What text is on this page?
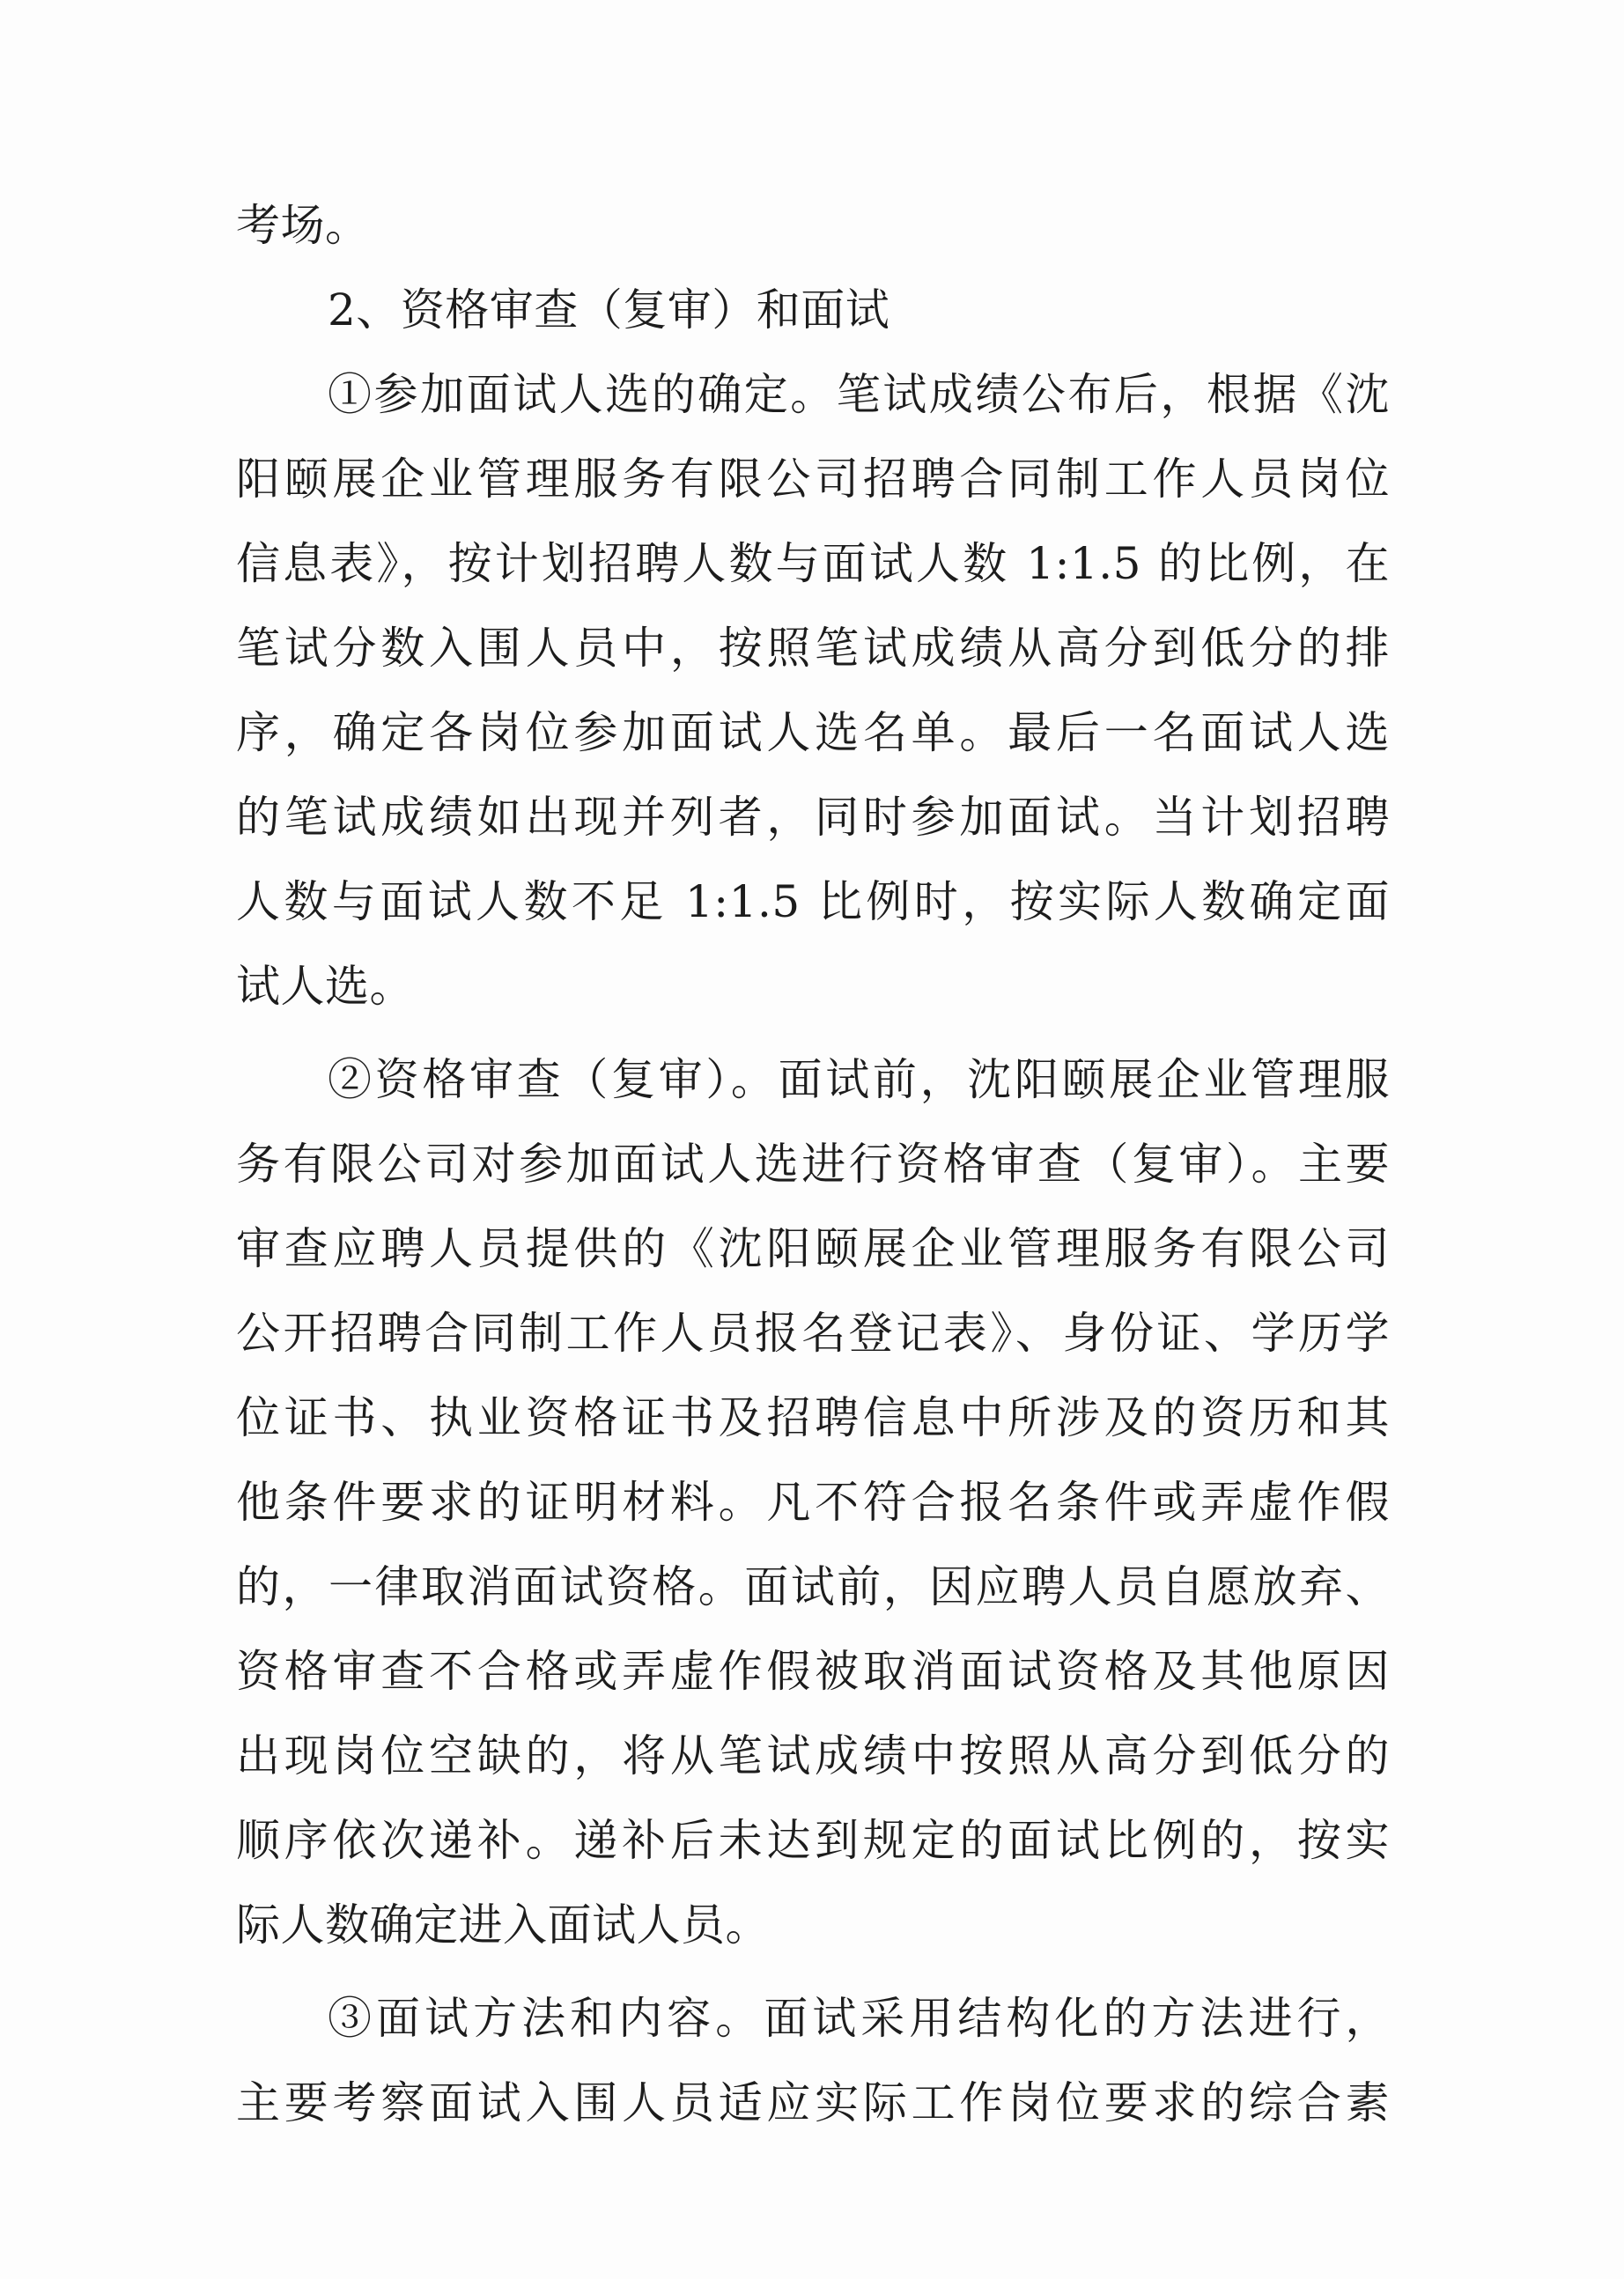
考场。
2、资格审查（复审）和面试
①参加面试人选的确定。笔试成绩公布后，根据《沈
阳颐展企业管理服务有限公司招聘合同制工作人员岗位
信息表》，按计划招聘人数与面试人数 1:1.5 的比例，在
笔试分数入围人员中，按照笔试成绩从高分到低分的排
序，确定各岗位参加面试人选名单。最后一名面试人选
的笔试成绩如出现并列者，同时参加面试。当计划招聘
人数与面试人数不足 1:1.5 比例时，按实际人数确定面
试人选。
②资格审查（复审）。面试前，沈阳颐展企业管理服
务有限公司对参加面试人选进行资格审查（复审）。主要
审查应聘人员提供的《沈阳颐展企业管理服务有限公司
公开招聘合同制工作人员报名登记表》、身份证、学历学
位证书、执业资格证书及招聘信息中所涉及的资历和其
他条件要求的证明材料。凡不符合报名条件或弄虚作假
的，一律取消面试资格。面试前，因应聘人员自愿放弃、
资格审查不合格或弄虚作假被取消面试资格及其他原因
出现岗位空缺的，将从笔试成绩中按照从高分到低分的
顺序依次递补。递补后未达到规定的面试比例的，按实
际人数确定进入面试人员。
③面试方法和内容。面试采用结构化的方法进行，
主要考察面试入围人员适应实际工作岗位要求的综合素
